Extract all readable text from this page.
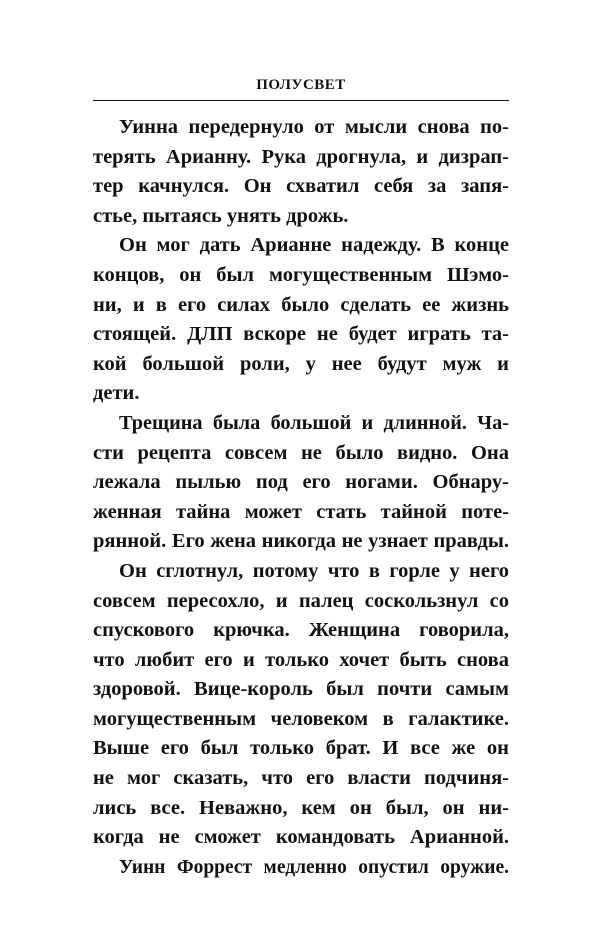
ПОЛУСВЕТ

Уинна передернуло от мысли снова по-
терять Арианну. Рука дрогнула, и дизрап-
тер качнулся. Он схватил себя за запя-
стье, пытаясь унять дрожь.

Он мог дать Арианне надежду. В конце
концов, он был могущественным Шэмо-
ни, и в его силах было сделать ее жизнь
стоящей. ДЛП вскоре не будет играть та-
кой большой роли, у нее будут муж и
дети.

Трещина была большой и длинной. Ча-
сти рецепта совсем не было видно. Она
лежала пылью под его ногами. Обнару-
женная тайна может стать тайной поте-
рянной. Его жена никогда не узнает правды.

Он сглотнул, потому что в горле у него
совсем пересохло, и палец соскользнул со
спускового крючка. Женщина говорила,
что любит его и только хочет быть снова
здоровой. Вице-король был почти самым
могущественным человеком в галактике.
Выше его был только брат. И все же он
не мог сказать, что его власти подчиня-
лись все. Неважно, кем он был, он ни-
когда не сможет командовать Арианной.

Уинн Форрест медленно опустил оружие.
